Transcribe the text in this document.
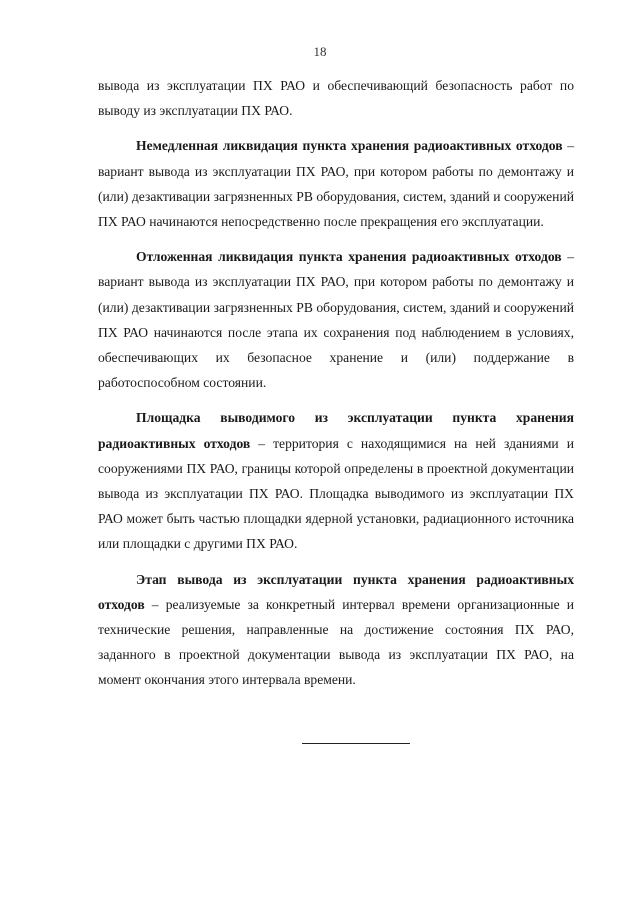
18

вывода из эксплуатации ПХ РАО и обеспечивающий безопасность работ по выводу из эксплуатации ПХ РАО.

Немедленная ликвидация пункта хранения радиоактивных отходов – вариант вывода из эксплуатации ПХ РАО, при котором работы по демонтажу и (или) дезактивации загрязненных РВ оборудования, систем, зданий и сооружений ПХ РАО начинаются непосредственно после прекращения его эксплуатации.

Отложенная ликвидация пункта хранения радиоактивных отходов – вариант вывода из эксплуатации ПХ РАО, при котором работы по демонтажу и (или) дезактивации загрязненных РВ оборудования, систем, зданий и сооружений ПХ РАО начинаются после этапа их сохранения под наблюдением в условиях, обеспечивающих их безопасное хранение и (или) поддержание в работоспособном состоянии.

Площадка выводимого из эксплуатации пункта хранения радиоактивных отходов – территория с находящимися на ней зданиями и сооружениями ПХ РАО, границы которой определены в проектной документации вывода из эксплуатации ПХ РАО. Площадка выводимого из эксплуатации ПХ РАО может быть частью площадки ядерной установки, радиационного источника или площадки с другими ПХ РАО.

Этап вывода из эксплуатации пункта хранения радиоактивных отходов – реализуемые за конкретный интервал времени организационные и технические решения, направленные на достижение состояния ПХ РАО, заданного в проектной документации вывода из эксплуатации ПХ РАО, на момент окончания этого интервала времени.
